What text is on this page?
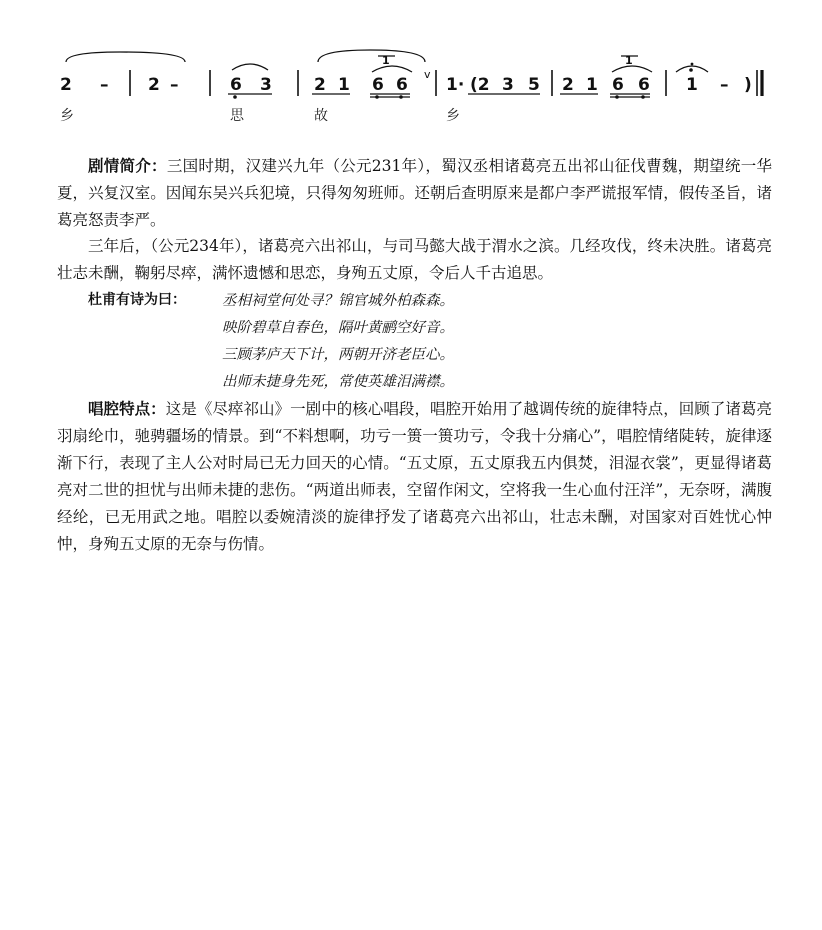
1	1
2 – 2 –	6 3 2 1 6 6 1· (2 3 5 2 1 6 6 1 – )
v
乡	思	故	乡

剧情简介：三国时期，汉建兴九年（公元231年），蜀汉丞相诸葛亮五出祁山征伐曹魏，期望统一华夏，兴复汉室。因闻东吴兴兵犯境，只得匆匆班师。还朝后查明原来是都户李严谎报军情，假传圣旨，诸葛亮怒责李严。

三年后，（公元234年），诸葛亮六出祁山，与司马懿大战于渭水之滨。几经攻伐，终未决胜。诸葛亮壮志未酬，鞠躬尽瘁，满怀遗憾和思恋，身殉五丈原，令后人千古追思。

杜甫有诗为曰：	丞相祠堂何处寻？锦官城外柏森森。
映阶碧草自春色，隔叶黄鹂空好音。
三顾茅庐天下计，两朝开济老臣心。
出师未捷身先死，常使英雄泪满襟。

唱腔特点：这是《尽瘁祁山》一剧中的核心唱段，唱腔开始用了越调传统的旋律特点，回顾了诸葛亮羽扇纶巾，驰骋疆场的情景。到“不料想啊，功亏一篑一篑功亏，令我十分痛心”，唱腔情绪陡转，旋律逐渐下行，表现了主人公对时局已无力回天的心情。“五丈原，五丈原我五内俱焚，泪湿衣裳”，更显得诸葛亮对二世的担忧与出师未捷的悲伤。“两道出师表，空留作闲文，空将我一生心血付汪洋”，无奈呀，满腹经纶，已无用武之地。唱腔以委婉清淡的旋律抒发了诸葛亮六出祁山，壮志未酬，对国家对百姓忧心忡忡，身殉五丈原的无奈与伤情。
